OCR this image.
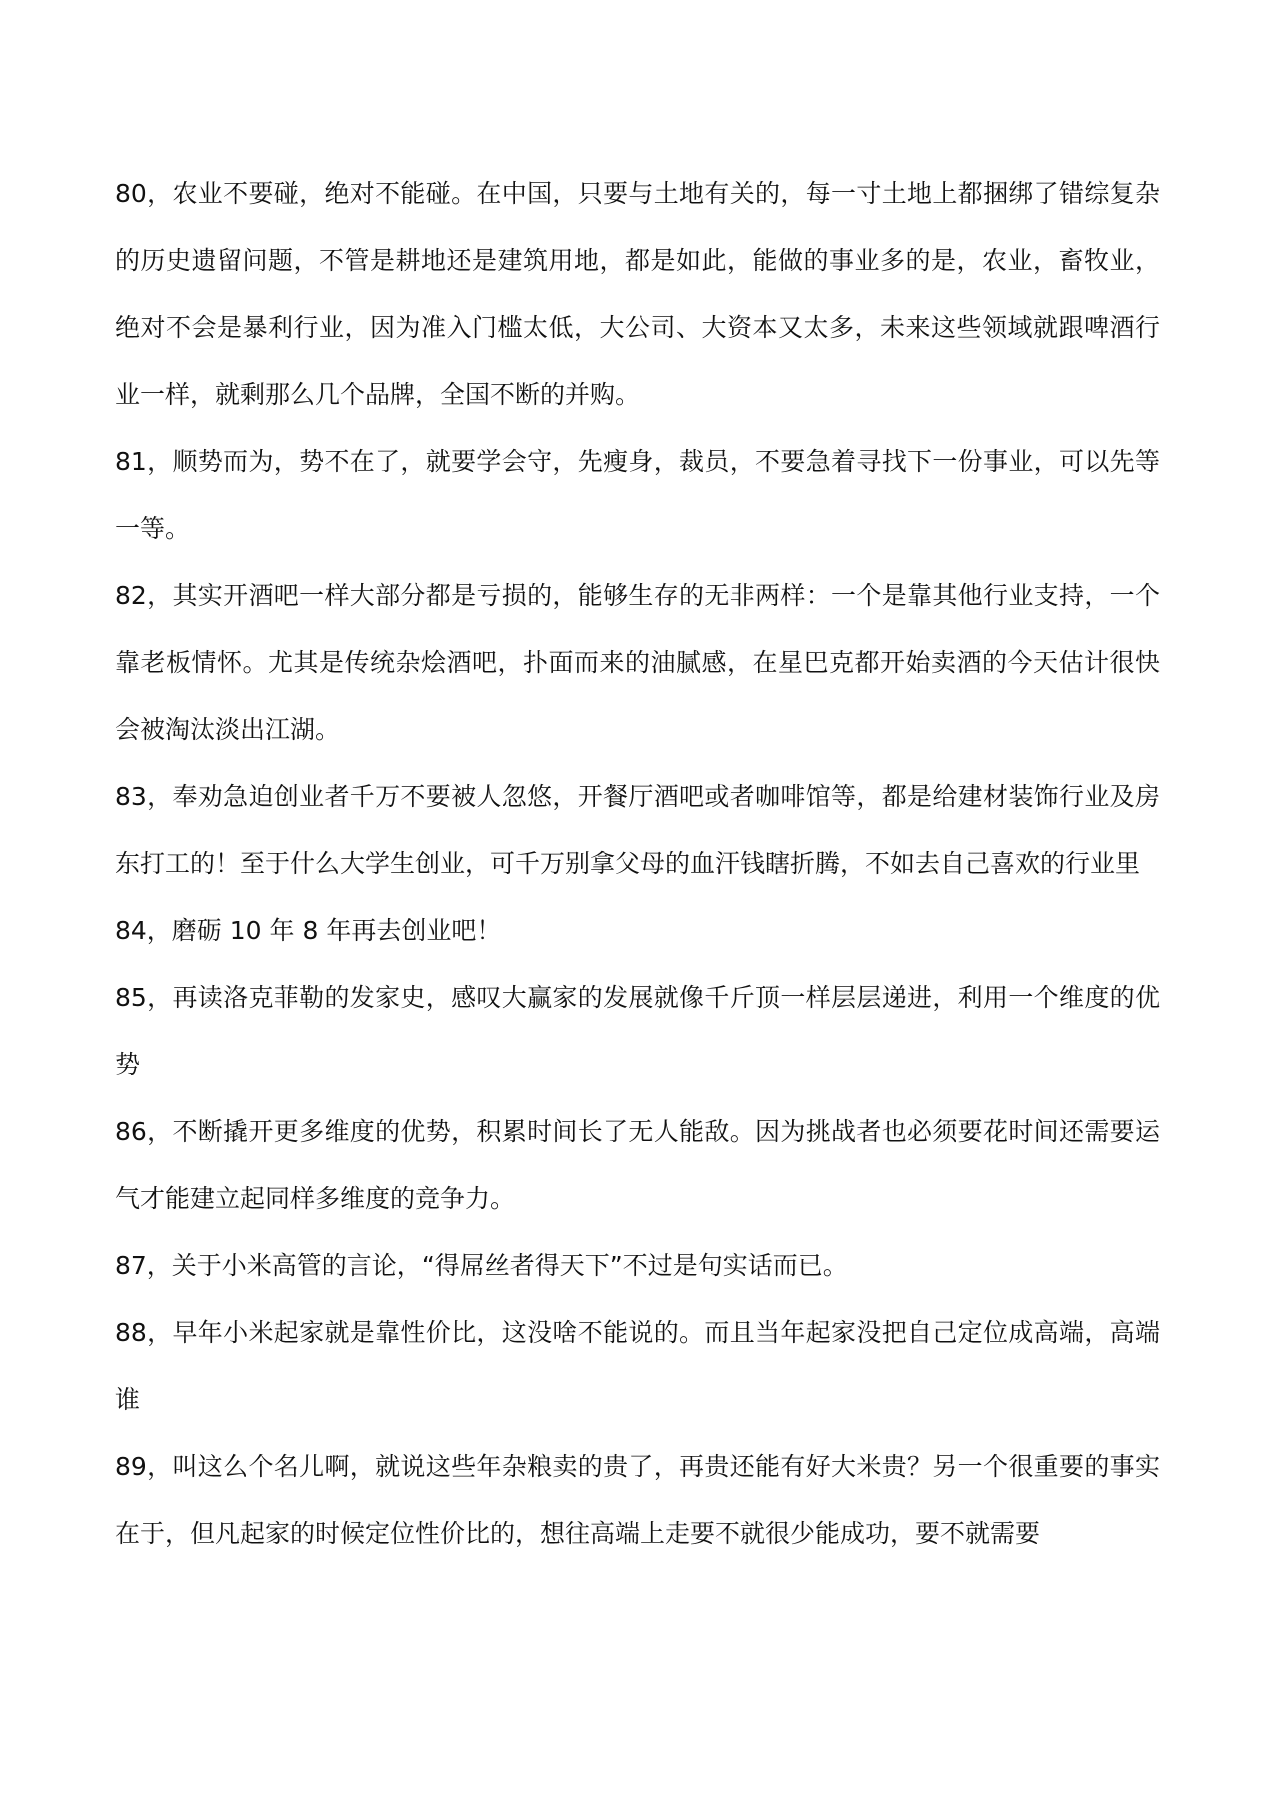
80，农业不要碰，绝对不能碰。在中国，只要与土地有关的，每一寸土地上都捆绑了错综复杂的历史遗留问题，不管是耕地还是建筑用地，都是如此，能做的事业多的是，农业，畜牧业，绝对不会是暴利行业，因为准入门槛太低，大公司、大资本又太多，未来这些领域就跟啤酒行业一样，就剩那么几个品牌，全国不断的并购。

81，顺势而为，势不在了，就要学会守，先瘦身，裁员，不要急着寻找下一份事业，可以先等一等。

82，其实开酒吧一样大部分都是亏损的，能够生存的无非两样：一个是靠其他行业支持，一个靠老板情怀。尤其是传统杂烩酒吧，扑面而来的油腻感，在星巴克都开始卖酒的今天估计很快会被淘汰淡出江湖。

83，奉劝急迫创业者千万不要被人忽悠，开餐厅酒吧或者咖啡馆等，都是给建材装饰行业及房东打工的！至于什么大学生创业，可千万别拿父母的血汗钱瞎折腾，不如去自己喜欢的行业里

84，磨砺 10 年 8 年再去创业吧！

85，再读洛克菲勒的发家史，感叹大赢家的发展就像千斤顶一样层层递进，利用一个维度的优势

86，不断撬开更多维度的优势，积累时间长了无人能敌。因为挑战者也必须要花时间还需要运气才能建立起同样多维度的竞争力。

87，关于小米高管的言论，“得屌丝者得天下”不过是句实话而已。

88，早年小米起家就是靠性价比，这没啥不能说的。而且当年起家没把自己定位成高端，高端谁

89，叫这么个名儿啊，就说这些年杂粮卖的贵了，再贵还能有好大米贵？另一个很重要的事实在于，但凡起家的时候定位性价比的，想往高端上走要不就很少能成功，要不就需要
